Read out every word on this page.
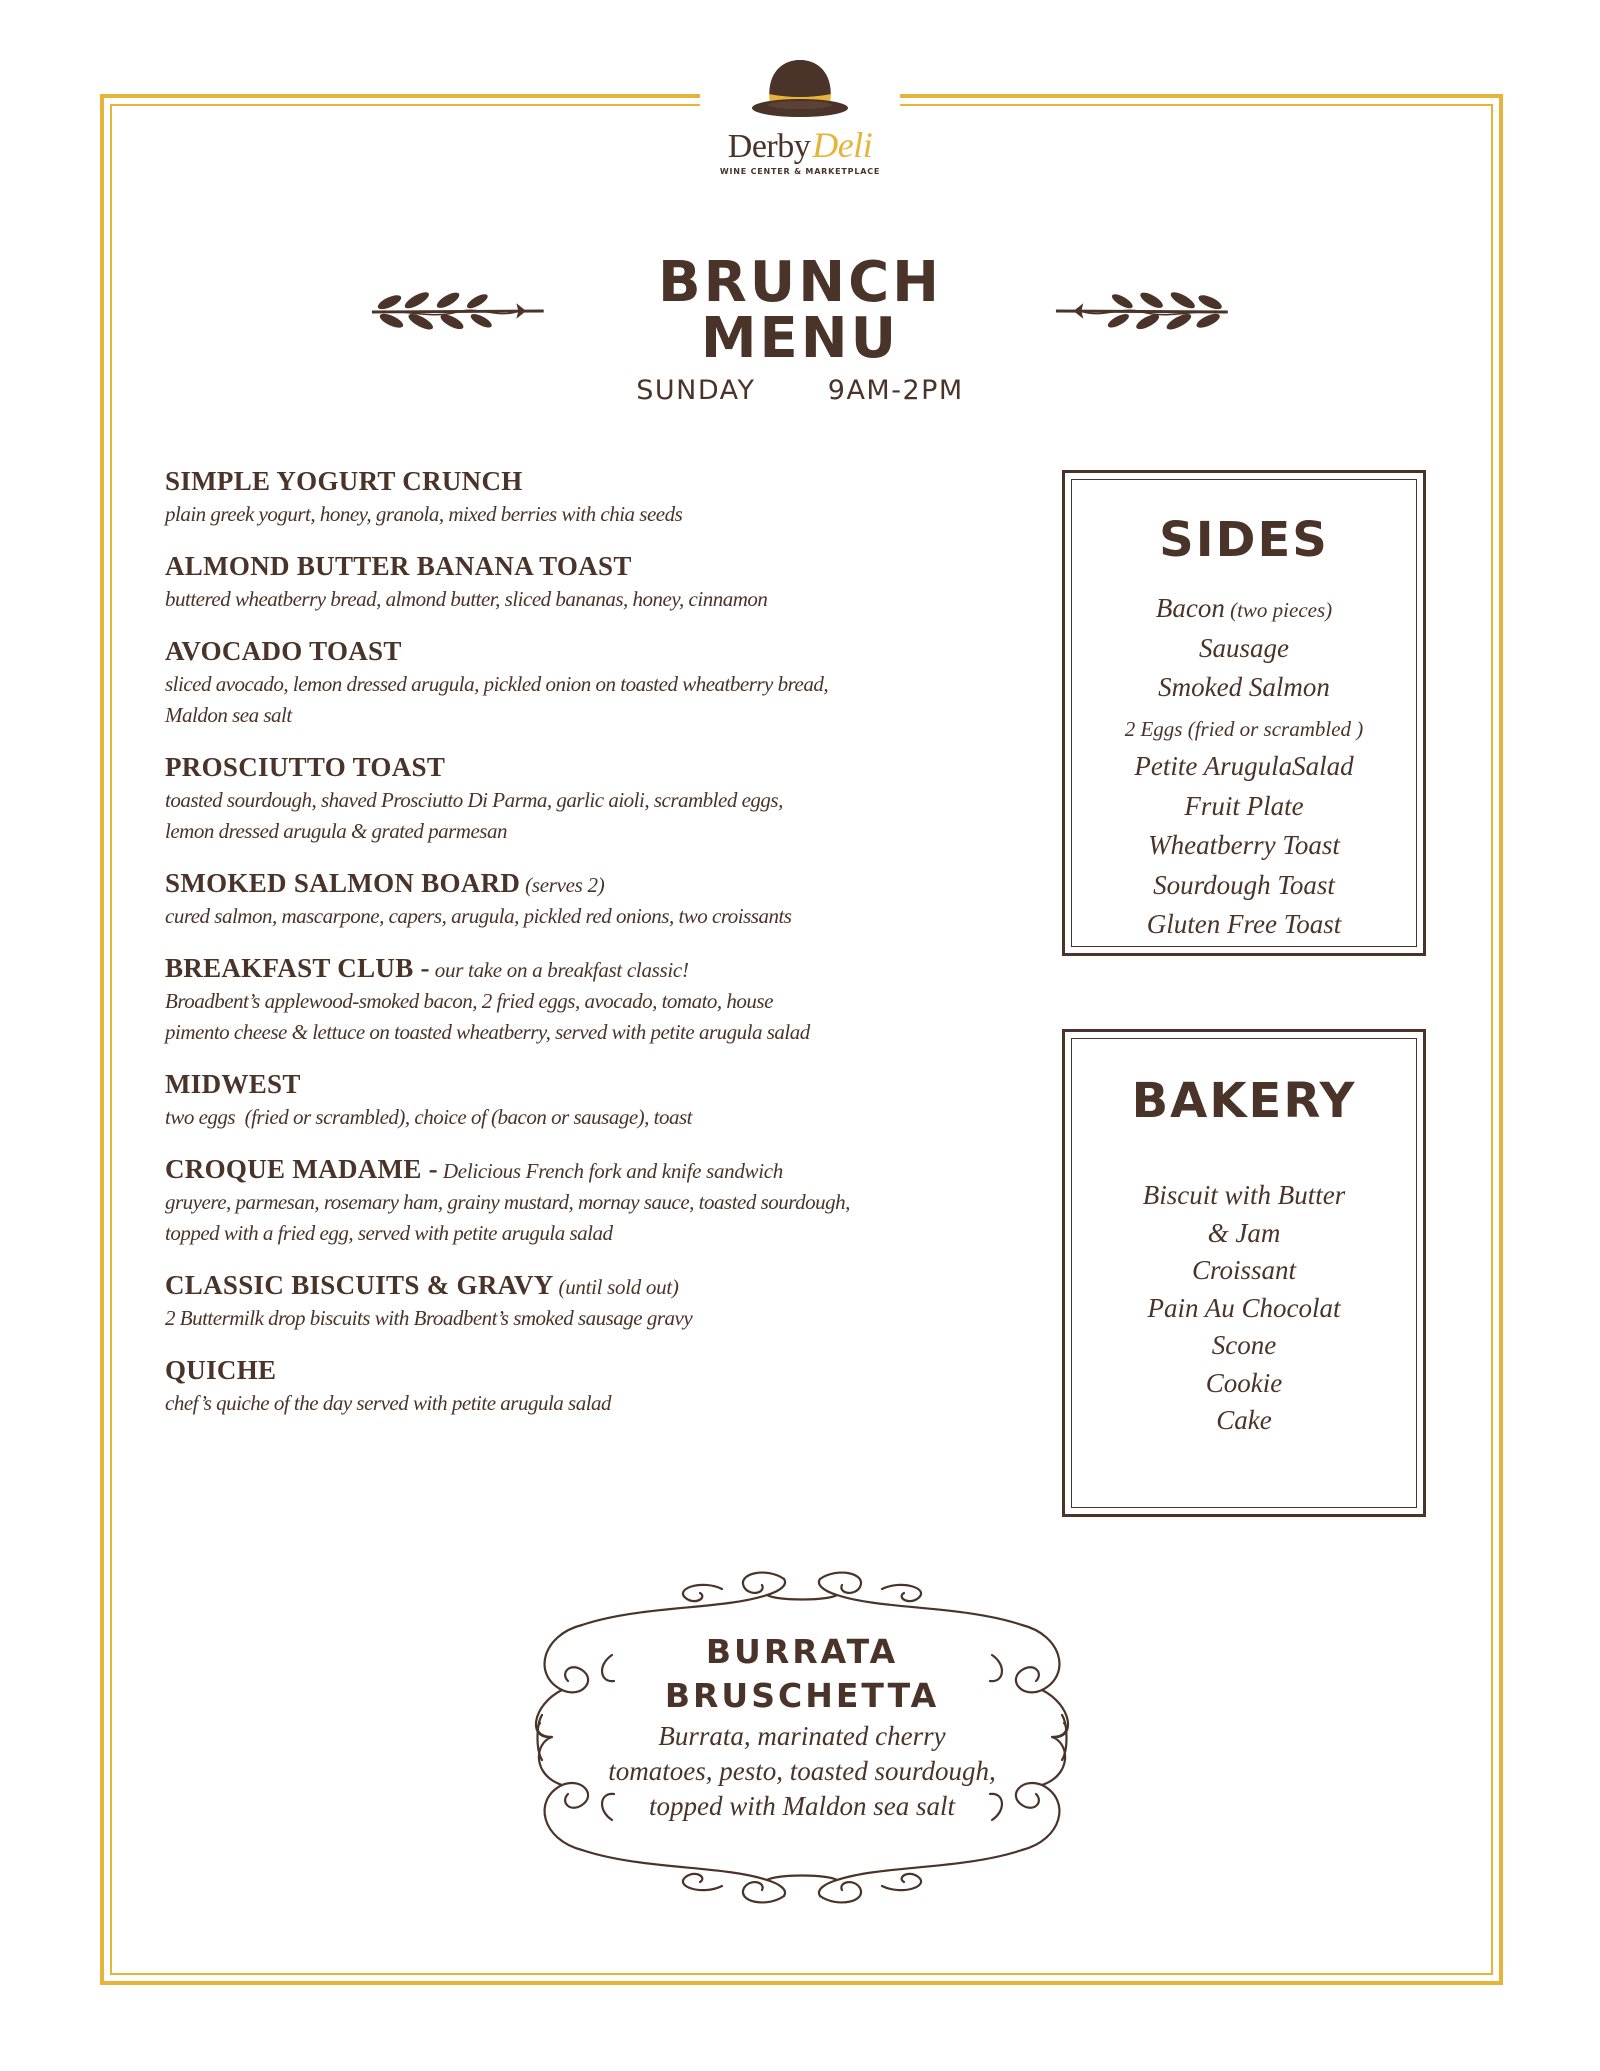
DerbyDeli
WINE CENTER & MARKETPLACE
BRUNCH MENU
SUNDAY   9AM-2PM
SIMPLE YOGURT CRUNCH
plain greek yogurt, honey, granola, mixed berries with chia seeds
ALMOND BUTTER BANANA TOAST
buttered wheatberry bread, almond butter, sliced bananas, honey, cinnamon
AVOCADO TOAST
sliced avocado, lemon dressed arugula, pickled onion on toasted wheatberry bread,
Maldon sea salt
PROSCIUTTO TOAST
toasted sourdough, shaved Prosciutto Di Parma, garlic aioli, scrambled eggs,
lemon dressed arugula & grated parmesan
SMOKED SALMON BOARD (serves 2)
cured salmon, mascarpone, capers, arugula, pickled red onions, two croissants
BREAKFAST CLUB - our take on a breakfast classic!
Broadbent’s applewood-smoked bacon, 2 fried eggs, avocado, tomato, house
pimento cheese & lettuce on toasted wheatberry, served with petite arugula salad
MIDWEST
two eggs  (fried or scrambled), choice of (bacon or sausage), toast
CROQUE MADAME - Delicious French fork and knife sandwich
gruyere, parmesan, rosemary ham, grainy mustard, mornay sauce, toasted sourdough,
topped with a fried egg, served with petite arugula salad
CLASSIC BISCUITS & GRAVY (until sold out)
2 Buttermilk drop biscuits with Broadbent’s smoked sausage gravy
QUICHE
chef’s quiche of the day served with petite arugula salad
SIDES
Bacon (two pieces)
Sausage
Smoked Salmon
2 Eggs (fried or scrambled )
Petite ArugulaSalad
Fruit Plate
Wheatberry Toast
Sourdough Toast
Gluten Free Toast
BAKERY
Biscuit with Butter
& Jam
Croissant
Pain Au Chocolat
Scone
Cookie
Cake
BURRATA
BRUSCHETTA
Burrata, marinated cherry
tomatoes, pesto, toasted sourdough,
topped with Maldon sea salt
